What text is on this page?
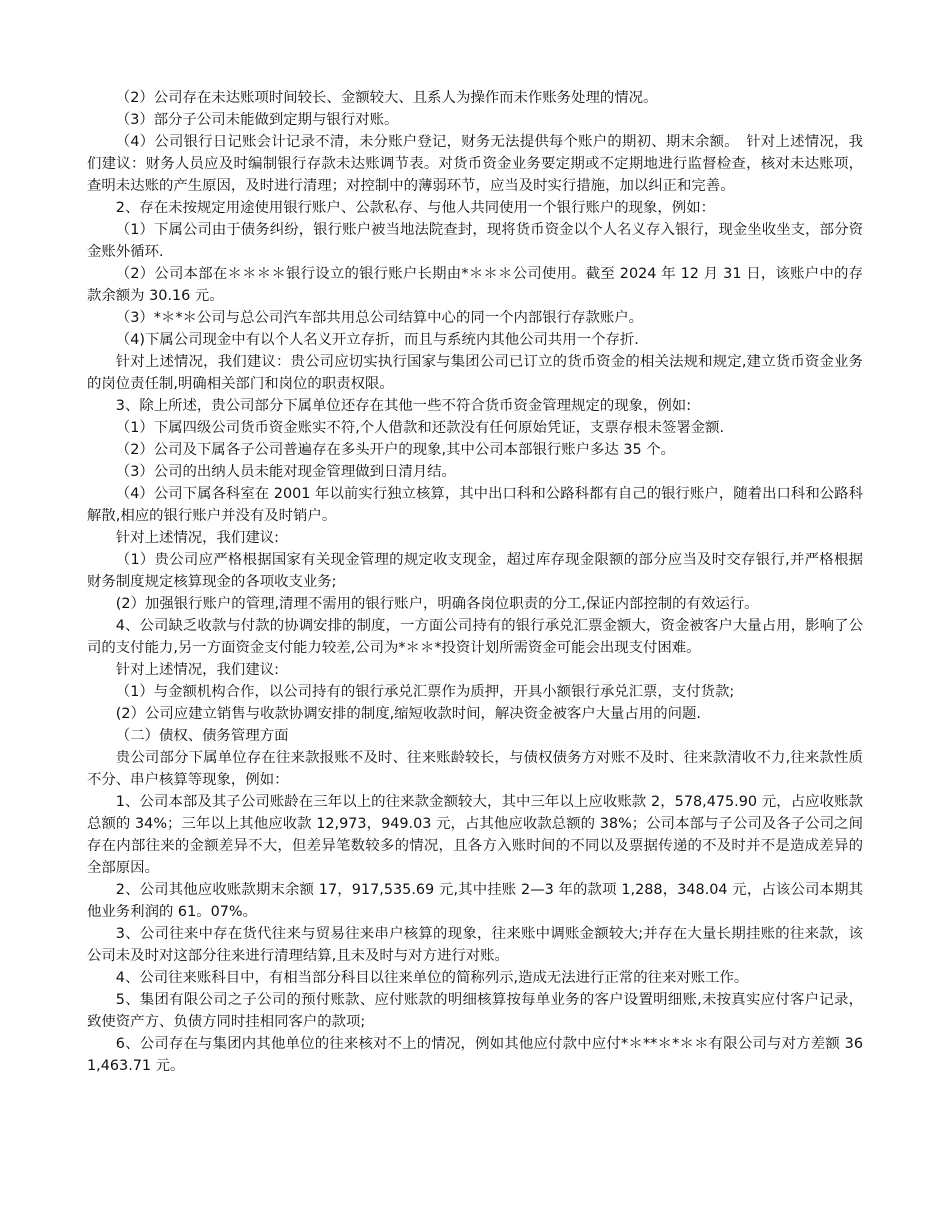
（2）公司存在未达账项时间较长、金额较大、且系人为操作而未作账务处理的情况。

（3）部分子公司未能做到定期与银行对账。

（4）公司银行日记账会计记录不清，未分账户登记，财务无法提供每个账户的期初、期末余额。　针对上述情况，我们建议：财务人员应及时编制银行存款未达账调节表。对货币资金业务要定期或不定期地进行监督检查，核对未达账项，查明未达账的产生原因，及时进行清理；对控制中的薄弱环节，应当及时实行措施，加以纠正和完善。

2、存在未按规定用途使用银行账户、公款私存、与他人共同使用一个银行账户的现象，例如：

（1）下属公司由于债务纠纷，银行账户被当地法院查封，现将货币资金以个人名义存入银行，现金坐收坐支，部分资金账外循环.

（2）公司本部在＊＊＊＊银行设立的银行账户长期由*＊＊＊公司使用。截至 2024 年 12 月 31 日，该账户中的存款余额为 30.16 元。

（3）*＊*＊公司与总公司汽车部共用总公司结算中心的同一个内部银行存款账户。

（4)下属公司现金中有以个人名义开立存折，而且与系统内其他公司共用一个存折.

针对上述情况，我们建议：贵公司应切实执行国家与集团公司已订立的货币资金的相关法规和规定,建立货币资金业务的岗位责任制,明确相关部门和岗位的职责权限。

3、除上所述，贵公司部分下属单位还存在其他一些不符合货币资金管理规定的现象，例如:

（1）下属四级公司货币资金账实不符,个人借款和还款没有任何原始凭证，支票存根未签署金额.

（2）公司及下属各子公司普遍存在多头开户的现象,其中公司本部银行账户多达 35 个。

（3）公司的出纳人员未能对现金管理做到日清月结。

（4）公司下属各科室在 2001 年以前实行独立核算，其中出口科和公路科都有自己的银行账户，随着出口科和公路科解散,相应的银行账户并没有及时销户。

针对上述情况，我们建议:

（1）贵公司应严格根据国家有关现金管理的规定收支现金，超过库存现金限额的部分应当及时交存银行,并严格根据财务制度规定核算现金的各项收支业务;

(2）加强银行账户的管理,清理不需用的银行账户，明确各岗位职责的分工,保证内部控制的有效运行。

4、公司缺乏收款与付款的协调安排的制度，一方面公司持有的银行承兑汇票金额大，资金被客户大量占用，影响了公司的支付能力,另一方面资金支付能力较差,公司为*＊＊*投资计划所需资金可能会出现支付困难。

针对上述情况，我们建议:

（1）与金额机构合作，以公司持有的银行承兑汇票作为质押，开具小额银行承兑汇票，支付货款;

(2）公司应建立销售与收款协调安排的制度,缩短收款时间，解决资金被客户大量占用的问题.

（二）债权、债务管理方面

贵公司部分下属单位存在往来款报账不及时、往来账龄较长，与债权债务方对账不及时、往来款清收不力,往来款性质不分、串户核算等现象，例如：

1、公司本部及其子公司账龄在三年以上的往来款金额较大，其中三年以上应收账款 2，578,475.90 元，占应收账款总额的 34%；三年以上其他应收款 12,973，949.03 元，占其他应收款总额的 38%；公司本部与子公司及各子公司之间存在内部往来的金额差异不大，但差异笔数较多的情况，且各方入账时间的不同以及票据传递的不及时并不是造成差异的全部原因。

2、公司其他应收账款期末余额 17，917,535.69 元,其中挂账 2—3 年的款项 1,288，348.04 元，占该公司本期其他业务利润的 61。07%。

3、公司往来中存在货代往来与贸易往来串户核算的现象，往来账中调账金额较大;并存在大量长期挂账的往来款，该公司未及时对这部分往来进行清理结算,且未及时与对方进行对账。

4、公司往来账科目中，有相当部分科目以往来单位的简称列示,造成无法进行正常的往来对账工作。

5、集团有限公司之子公司的预付账款、应付账款的明细核算按每单业务的客户设置明细账,未按真实应付客户记录，致使资产方、负债方同时挂相同客户的款项;

6、公司存在与集团内其他单位的往来核对不上的情况，例如其他应付款中应付*＊**＊*＊＊有限公司与对方差额 361,463.71 元。
